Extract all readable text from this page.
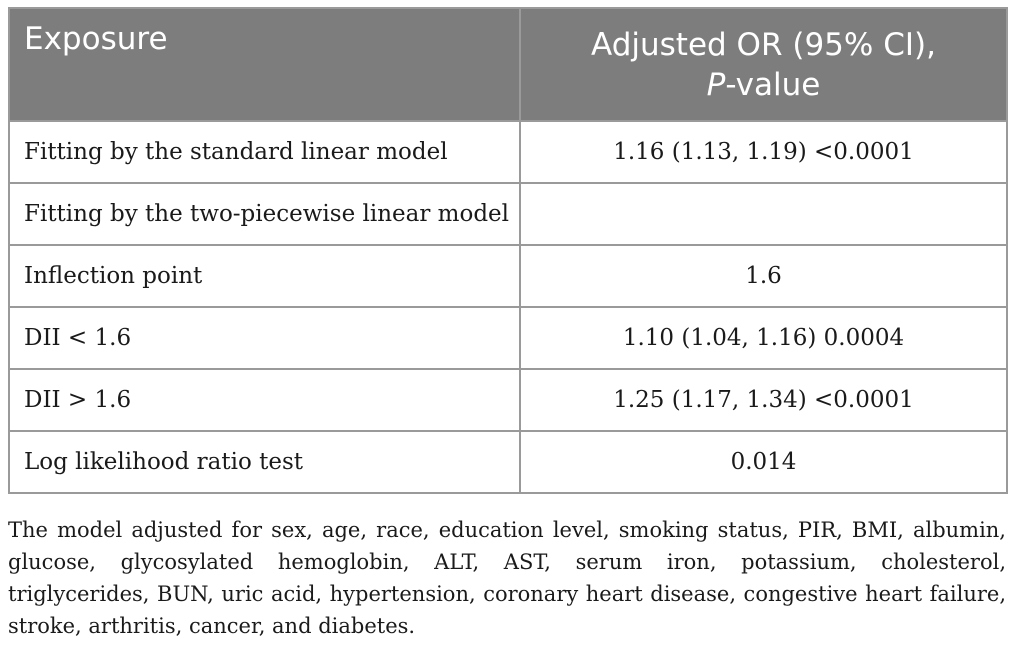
Exposure	Adjusted OR (95% CI),
P-value

Fitting by the standard linear model	1.16 (1.13, 1.19) <0.0001
Fitting by the two-piecewise linear model	
Inflection point	1.6
DII < 1.6	1.10 (1.04, 1.16) 0.0004
DII > 1.6	1.25 (1.17, 1.34) <0.0001
Log likelihood ratio test	0.014

The model adjusted for sex, age, race, education level, smoking status, PIR, BMI, albumin, glucose, glycosylated hemoglobin, ALT, AST, serum iron, potassium, cholesterol, triglycerides, BUN, uric acid, hypertension, coronary heart disease, congestive heart failure, stroke, arthritis, cancer, and diabetes.
